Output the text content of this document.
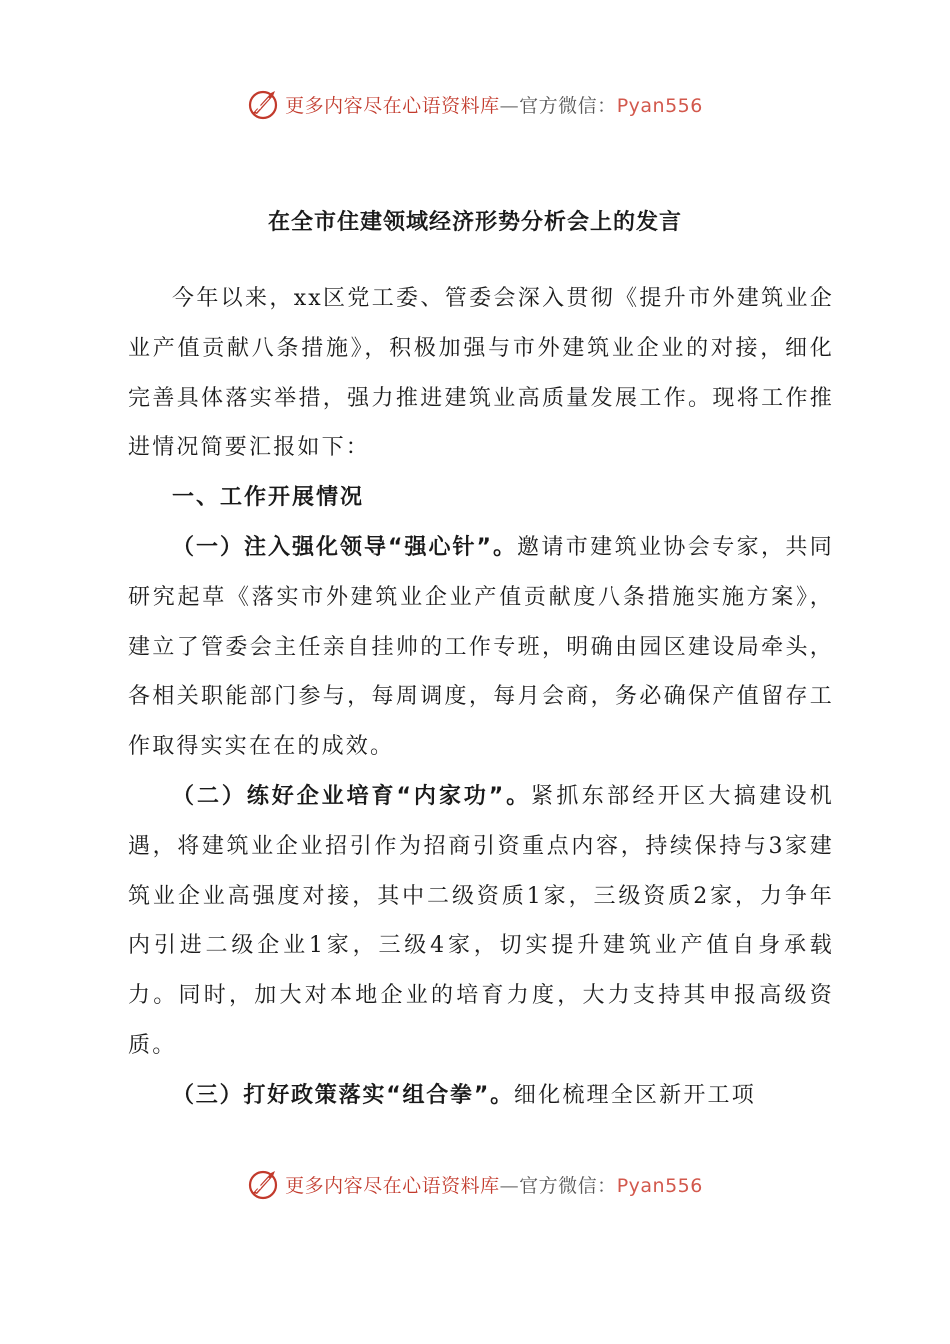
更多内容尽在心语资料库—官方微信：Pyan556
在全市住建领域经济形势分析会上的发言

今年以来，xx区党工委、管委会深入贯彻《提升市外建筑业企业产值贡献八条措施》，积极加强与市外建筑业企业的对接，细化完善具体落实举措，强力推进建筑业高质量发展工作。现将工作推进情况简要汇报如下：

一、工作开展情况

（一）注入强化领导“强心针”。邀请市建筑业协会专家，共同研究起草《落实市外建筑业企业产值贡献度八条措施实施方案》，建立了管委会主任亲自挂帅的工作专班，明确由园区建设局牵头，各相关职能部门参与，每周调度，每月会商，务必确保产值留存工作取得实实在在的成效。

（二）练好企业培育“内家功”。紧抓东部经开区大搞建设机遇，将建筑业企业招引作为招商引资重点内容，持续保持与3家建筑业企业高强度对接，其中二级资质1家，三级资质2家，力争年内引进二级企业1家，三级4家，切实提升建筑业产值自身承载力。同时，加大对本地企业的培育力度，大力支持其申报高级资质。

（三）打好政策落实“组合拳”。细化梳理全区新开工项

更多内容尽在心语资料库—官方微信：Pyan556
